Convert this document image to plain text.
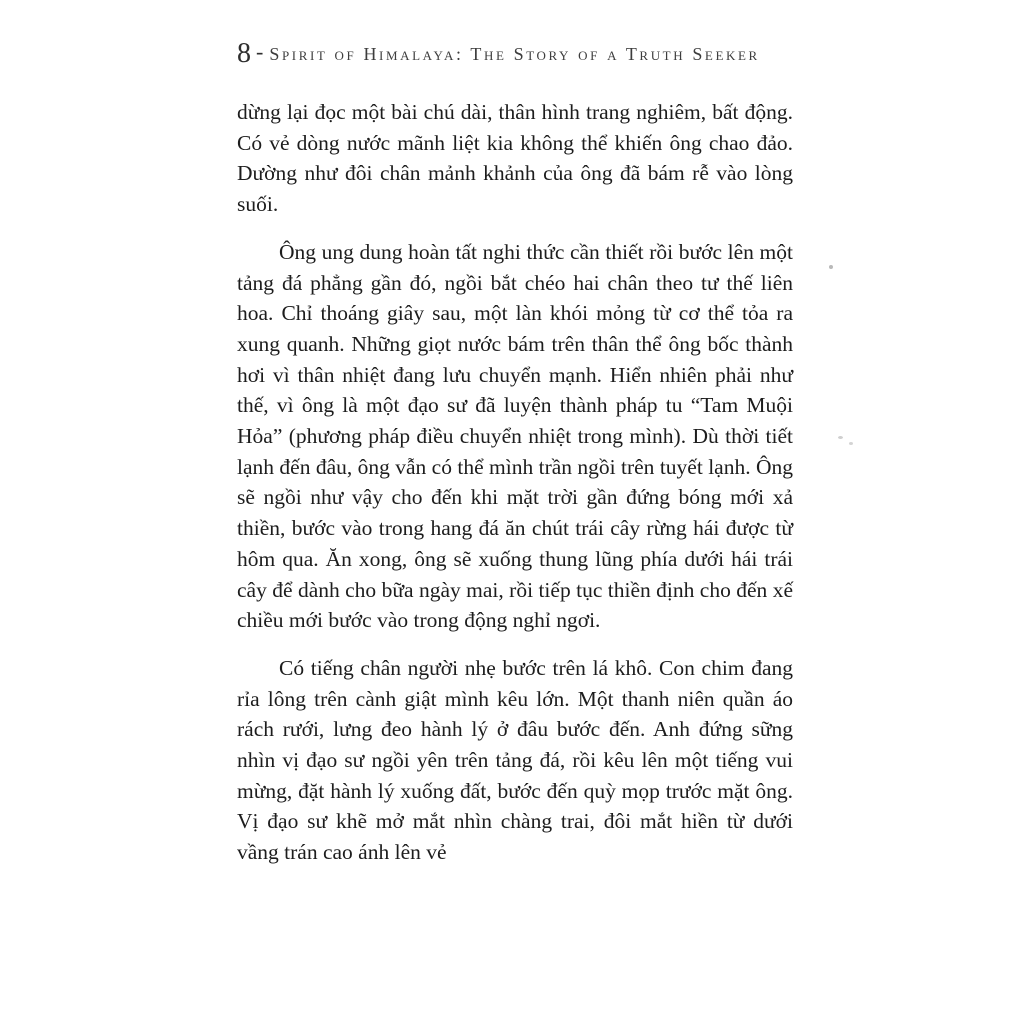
8 - Spirit of Himalaya: The Story of a Truth Seeker

dừng lại đọc một bài chú dài, thân hình trang nghiêm, bất động. Có vẻ dòng nước mãnh liệt kia không thể khiến ông chao đảo. Dường như đôi chân mảnh khảnh của ông đã bám rễ vào lòng suối.

Ông ung dung hoàn tất nghi thức cần thiết rồi bước lên một tảng đá phẳng gần đó, ngồi bắt chéo hai chân theo tư thế liên hoa. Chỉ thoáng giây sau, một làn khói mỏng từ cơ thể tỏa ra xung quanh. Những giọt nước bám trên thân thể ông bốc thành hơi vì thân nhiệt đang lưu chuyển mạnh. Hiển nhiên phải như thế, vì ông là một đạo sư đã luyện thành pháp tu “Tam Muội Hỏa” (phương pháp điều chuyển nhiệt trong mình). Dù thời tiết lạnh đến đâu, ông vẫn có thể mình trần ngồi trên tuyết lạnh. Ông sẽ ngồi như vậy cho đến khi mặt trời gần đứng bóng mới xả thiền, bước vào trong hang đá ăn chút trái cây rừng hái được từ hôm qua. Ăn xong, ông sẽ xuống thung lũng phía dưới hái trái cây để dành cho bữa ngày mai, rồi tiếp tục thiền định cho đến xế chiều mới bước vào trong động nghỉ ngơi.

Có tiếng chân người nhẹ bước trên lá khô. Con chim đang rỉa lông trên cành giật mình kêu lớn. Một thanh niên quần áo rách rưới, lưng đeo hành lý ở đâu bước đến. Anh đứng sững nhìn vị đạo sư ngồi yên trên tảng đá, rồi kêu lên một tiếng vui mừng, đặt hành lý xuống đất, bước đến quỳ mọp trước mặt ông. Vị đạo sư khẽ mở mắt nhìn chàng trai, đôi mắt hiền từ dưới vầng trán cao ánh lên vẻ
